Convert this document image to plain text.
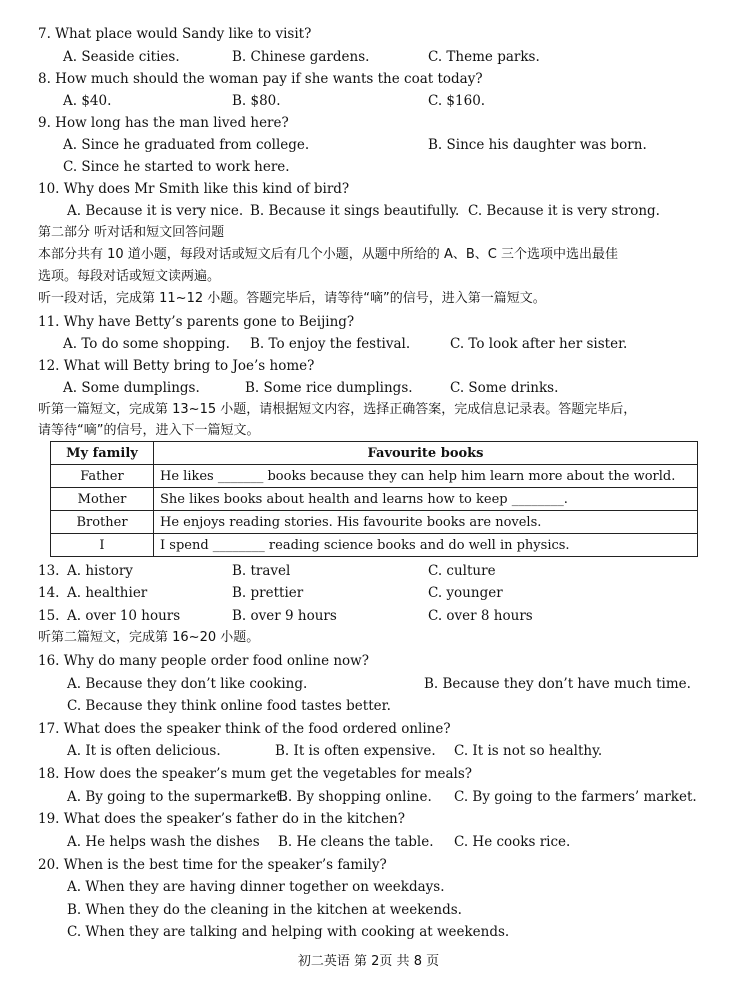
7. What place would Sandy like to visit?
A. Seaside cities.	B. Chinese gardens.	C. Theme parks.
8. How much should the woman pay if she wants the coat today?
A. $40.	B. $80.	C. $160.
9. How long has the man lived here?
A. Since he graduated from college.	B. Since his daughter was born.
C. Since he started to work here.
10. Why does Mr Smith like this kind of bird?
A. Because it is very nice. B. Because it sings beautifully. C. Because it is very strong.
第二部分 听对话和短文回答问题
本部分共有 10 道小题，每段对话或短文后有几个小题，从题中所给的 A、B、C 三个选项中选出最佳
选项。每段对话或短文读两遍。
听一段对话，完成第 11~12 小题。答题完毕后，请等待“嘀”的信号，进入第一篇短文。
11. Why have Betty’s parents gone to Beijing?
A. To do some shopping. B. To enjoy the festival.	C. To look after her sister.
12. What will Betty bring to Joe’s home?
A. Some dumplings.	B. Some rice dumplings.	C. Some drinks.
听第一篇短文，完成第 13~15 小题，请根据短文内容，选择正确答案，完成信息记录表。答题完毕后，
请等待“嘀”的信号，进入下一篇短文。
My family	Favourite books
Father	He likes _______ books because they can help him learn more about the world.
Mother	She likes books about health and learns how to keep ________.
Brother	He enjoys reading stories. His favourite books are novels.
I	I spend ________ reading science books and do well in physics.
13. A. history	B. travel	C. culture
14. A. healthier	B. prettier	C. younger
15. A. over 10 hours	B. over 9 hours	C. over 8 hours
听第二篇短文，完成第 16~20 小题。
16. Why do many people order food online now?
A. Because they don’t like cooking.	B. Because they don’t have much time.
C. Because they think online food tastes better.
17. What does the speaker think of the food ordered online?
A. It is often delicious.	B. It is often expensive. C. It is not so healthy.
18. How does the speaker’s mum get the vegetables for meals?
A. By going to the supermarket.
B. By shopping online. C. By going to the farmers’ market.
19. What does the speaker’s father do in the kitchen?
A. He helps wash the dishes B. He cleans the table. C. He cooks rice.
20. When is the best time for the speaker’s family?
A. When they are having dinner together on weekdays.
B. When they do the cleaning in the kitchen at weekends.
C. When they are talking and helping with cooking at weekends.
初二英语 第 2页 共 8 页
